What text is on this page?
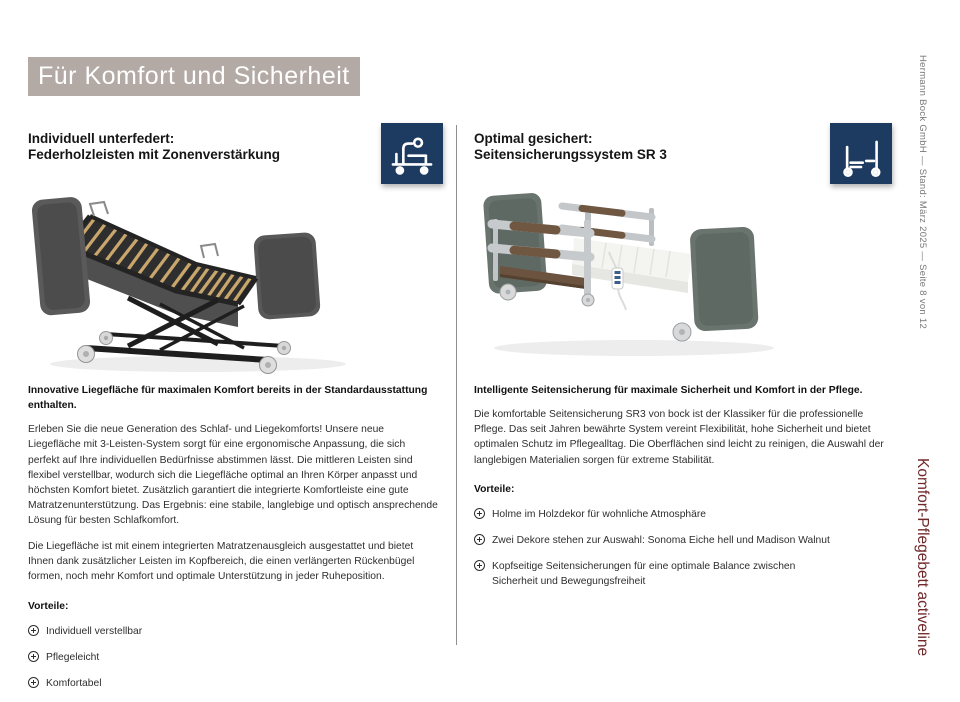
Für Komfort und Sicherheit
Individuell unterfedert:
Federholzleisten mit Zonenverstärkung
Optimal gesichert:
Seitensicherungssystem SR 3

Innovative Liegefläche für maximalen Komfort bereits in der Standardausstattung enthalten.

Erleben Sie die neue Generation des Schlaf- und Liegekomforts! Unsere neue Liegefläche mit 3-Leisten-System sorgt für eine ergonomische Anpassung, die sich perfekt auf Ihre individuellen Bedürfnisse abstimmen lässt. Die mittleren Leisten sind flexibel verstellbar, wodurch sich die Liegefläche optimal an Ihren Körper anpasst und höchsten Komfort bietet. Zusätzlich garantiert die integrierte Komfortleiste eine gute Matratzenunterstützung. Das Ergebnis: eine stabile, langlebige und optisch ansprechende Lösung für besten Schlafkomfort.

Die Liegefläche ist mit einem integrierten Matratzenausgleich ausgestattet und bietet Ihnen dank zusätzlicher Leisten im Kopfbereich, die einen verlängerten Rückenbügel formen, noch mehr Komfort und optimale Unterstützung in jeder Ruheposition.

Vorteile:
Individuell verstellbar
Pflegeleicht
Komfortabel

Intelligente Seitensicherung für maximale Sicherheit und Komfort in der Pflege.

Die komfortable Seitensicherung SR3 von bock ist der Klassiker für die professionelle Pflege. Das seit Jahren bewährte System vereint Flexibilität, hohe Sicherheit und bietet optimalen Schutz im Pflegealltag. Die Oberflächen sind leicht zu reinigen, die Auswahl der langlebigen Materialien sorgen für extreme Stabilität.

Vorteile:
Holme im Holzdekor für wohnliche Atmosphäre
Zwei Dekore stehen zur Auswahl: Sonoma Eiche hell und Madison Walnut
Kopfseitige Seitensicherungen für eine optimale Balance zwischen Sicherheit und Bewegungsfreiheit
Hermann Bock GmbH — Stand: März 2025 — Seite 8 von 12
Komfort-Pflegebett activeline
